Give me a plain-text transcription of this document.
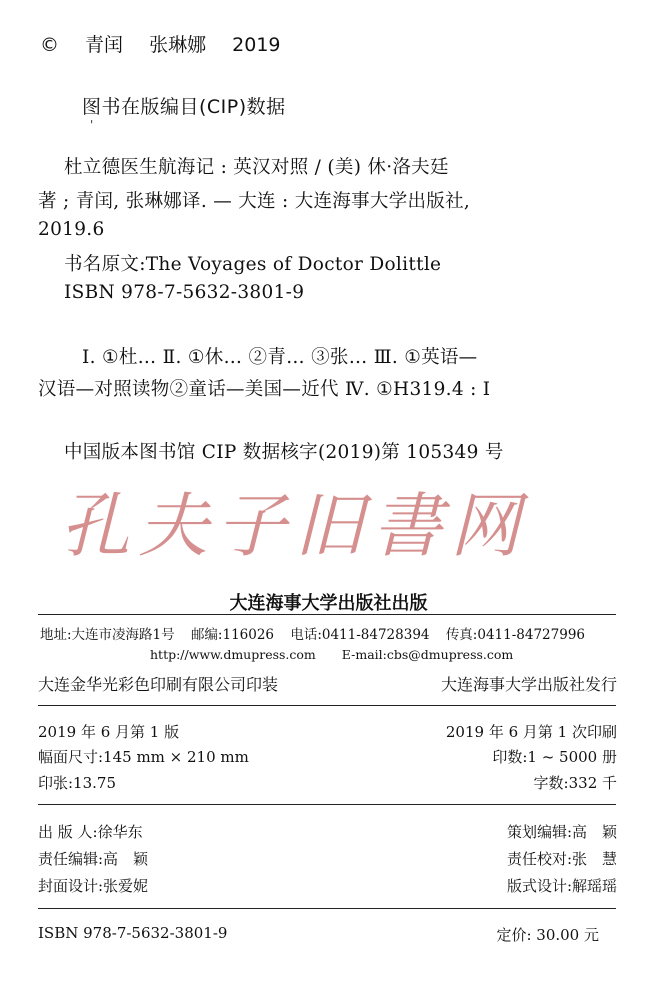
© 青闰 张琳娜 2019
图书在版编目(CIP)数据
'
杜立德医生航海记 : 英汉对照 / (美) 休·洛夫廷
著 ; 青闰, 张琳娜译. — 大连 : 大连海事大学出版社,
2019.6
书名原文:The Voyages of Doctor Dolittle
ISBN 978-7-5632-3801-9
Ⅰ. ①杜… Ⅱ. ①休… ②青… ③张… Ⅲ. ①英语—
汉语—对照读物②童话—美国—近代 Ⅳ. ①H319.4 : I
中国版本图书馆 CIP 数据核字(2019)第 105349 号
孔夫子旧書网
大连海事大学出版社出版
地址:大连市凌海路1号 邮编:116026 电话:0411-84728394 传真:0411-84727996
http://www.dmupress.com E-mail:cbs@dmupress.com
大连金华光彩色印刷有限公司印装	大连海事大学出版社发行
2019 年 6 月第 1 版	2019 年 6 月第 1 次印刷
幅面尺寸:145 mm × 210 mm	印数:1 ~ 5000 册
印张:13.75	字数:332 千
出 版 人:徐华东	策划编辑:高　颖
责任编辑:高　颖	责任校对:张　慧
封面设计:张爱妮	版式设计:解瑶瑶
ISBN 978-7-5632-3801-9	定价: 30.00 元
